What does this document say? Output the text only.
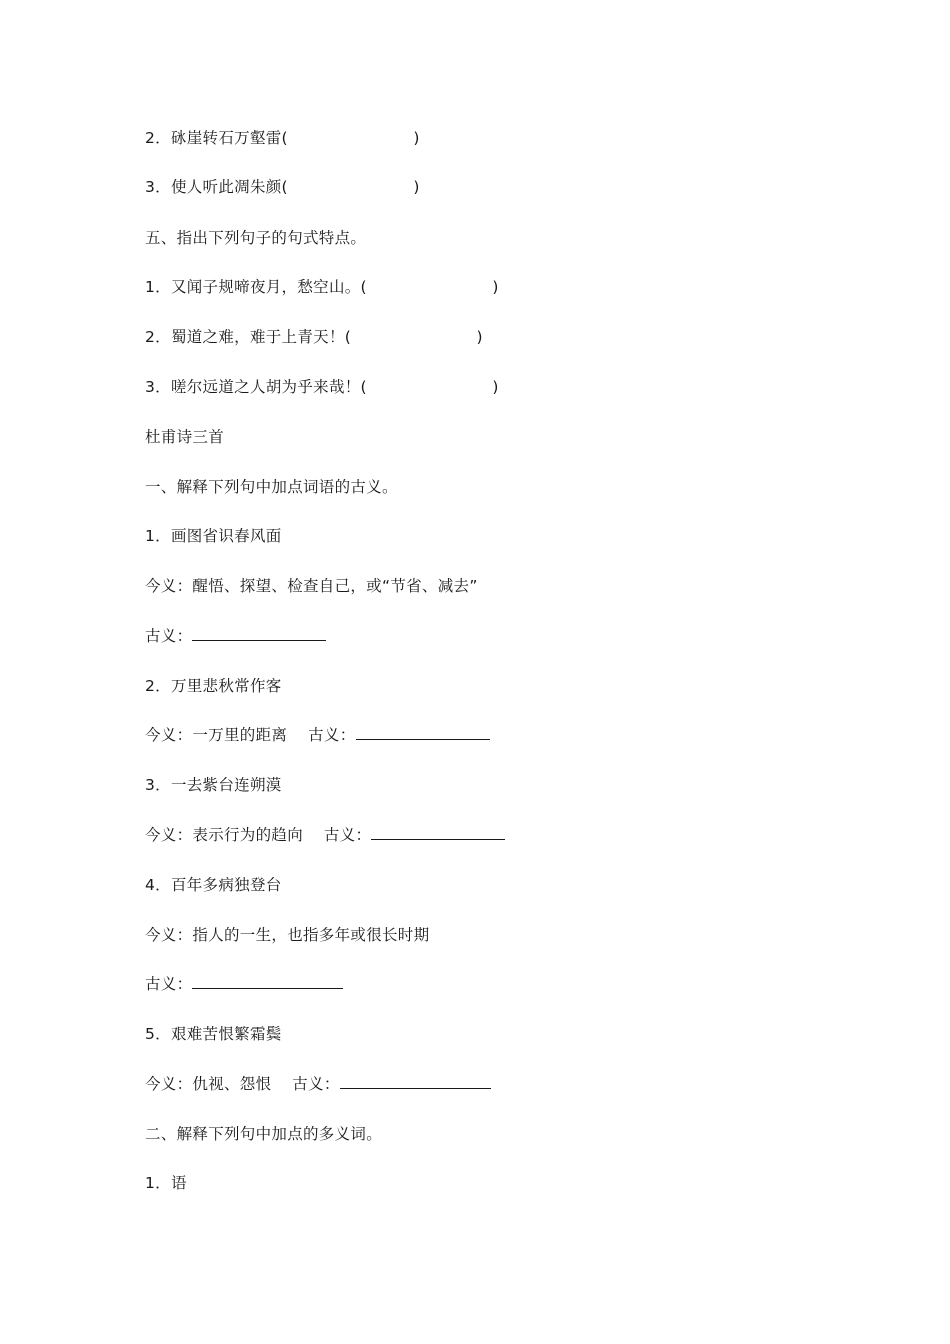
2．砯崖转石万壑雷(                        )
3．使人听此凋朱颜(                        )
五、指出下列句子的句式特点。
1．又闻子规啼夜月，愁空山。(                        )
2．蜀道之难，难于上青天！(                        )
3．嗟尔远道之人胡为乎来哉！(                        )
杜甫诗三首
一、解释下列句中加点词语的古义。
1．画图省识春风面
今义：醒悟、探望、检查自己，或“节省、减去”
古义：
2．万里悲秋常作客
今义：一万里的距离    古义：
3．一去紫台连朔漠
今义：表示行为的趋向    古义：
4．百年多病独登台
今义：指人的一生，也指多年或很长时期
古义：
5．艰难苦恨繁霜鬓
今义：仇视、怨恨    古义：
二、解释下列句中加点的多义词。
1．语
